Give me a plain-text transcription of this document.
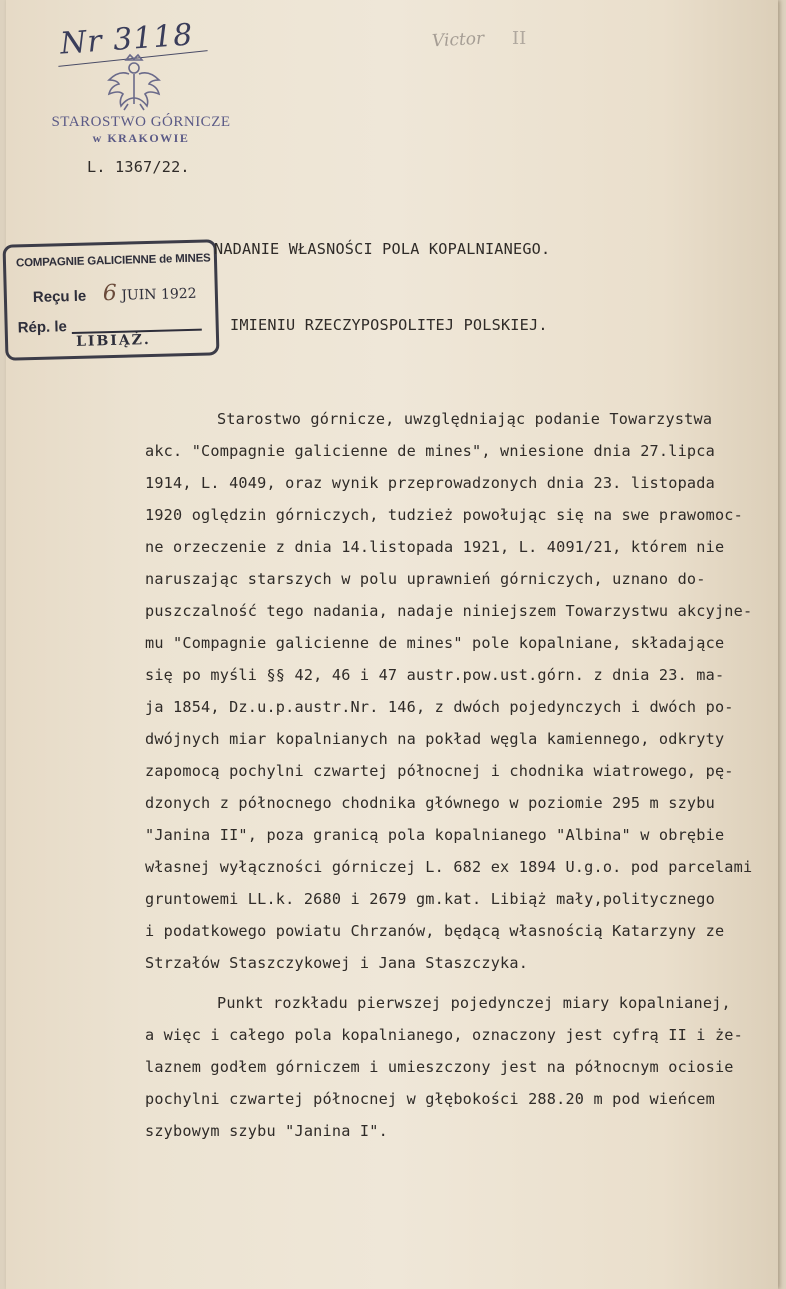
Nr 3118	Victor II
STAROSTWO GÓRNICZE
w KRAKOWIE
L. 1367/22.
COMPAGNIE GALICIENNE de MINES
Reçu le 6 JUIN 1922
Rép. le
LIBIĄŻ.
NADANIE WŁASNOŚCI POLA KOPALNIANEGO.
IMIENIU RZECZYPOSPOLITEJ POLSKIEJ.
Starostwo górnicze, uwzględniając podanie Towarzystwa
akc. "Compagnie galicienne de mines", wniesione dnia 27.lipca
1914, L. 4049, oraz wynik przeprowadzonych dnia 23. listopada
1920 oględzin górniczych, tudzież powołując się na swe prawomoc-
ne orzeczenie z dnia 14.listopada 1921, L. 4091/21, którem nie
naruszając starszych w polu uprawnień górniczych, uznano do-
puszczalność tego nadania, nadaje niniejszem Towarzystwu akcyjne-
mu "Compagnie galicienne de mines" pole kopalniane, składające
się po myśli §§ 42, 46 i 47 austr.pow.ust.górn. z dnia 23. ma-
ja 1854, Dz.u.p.austr.Nr. 146, z dwóch pojedynczych i dwóch po-
dwójnych miar kopalnianych na pokład węgla kamiennego, odkryty
zapomocą pochylni czwartej północnej i chodnika wiatrowego, pę-
dzonych z północnego chodnika głównego w poziomie 295 m szybu
"Janina II", poza granicą pola kopalnianego "Albina" w obrębie
własnej wyłączności górniczej L. 682 ex 1894 U.g.o. pod parcelami
gruntowemi LL.k. 2680 i 2679 gm.kat. Libiąż mały,politycznego
i podatkowego powiatu Chrzanów, będącą własnością Katarzyny ze
Strzałów Staszczykowej i Jana Staszczyka.
Punkt rozkładu pierwszej pojedynczej miary kopalnianej,
a więc i całego pola kopalnianego, oznaczony jest cyfrą II i że-
laznem godłem górniczem i umieszczony jest na północnym ociosie
pochylni czwartej północnej w głębokości 288.20 m pod wieńcem
szybowym szybu "Janina I".
